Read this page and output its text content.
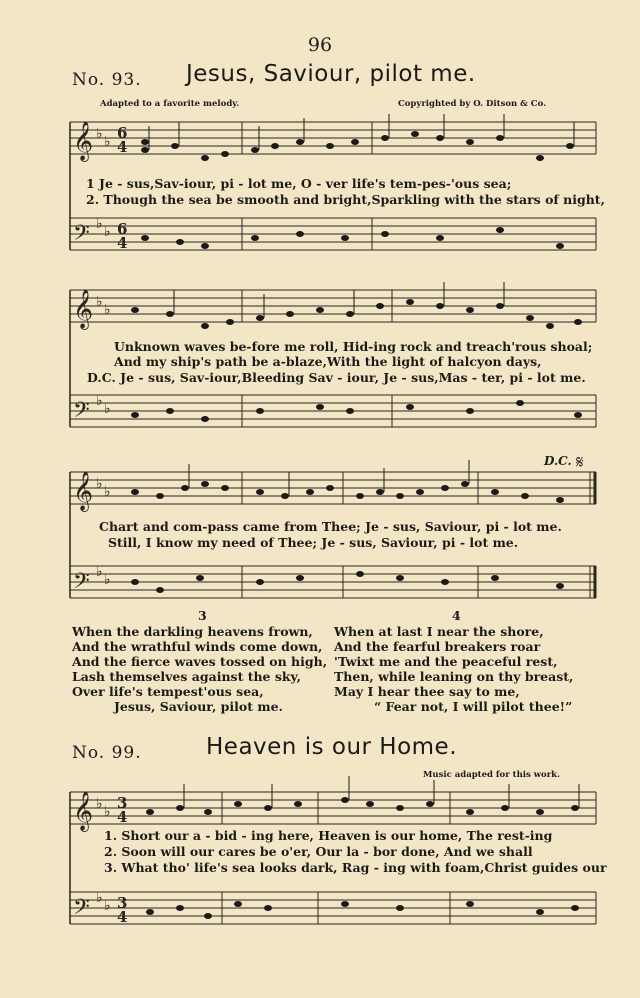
96
No. 93. Jesus, Saviour, pilot me.
Adapted to a favorite melody.	Copyrighted by O. Ditson & Co.
𝄞
𝄢
♭ ♭
♭ ♭
6
4
6
4
𝄞
𝄢
♭ ♭
♭ ♭
𝄞
𝄢
♭ ♭
♭ ♭
𝄋
𝄞
𝄢
♭ ♭
♭ ♭
3
4
3
4
1 Je - sus,Sav-iour, pi - lot me, O - ver life's tem-pes-'ous sea;
2. Though the sea be smooth and bright,Sparkling with the stars of night,
Unknown waves be-fore me roll, Hid-ing rock and treach'rous shoal;
And my ship's path be a-blaze,With the light of halcyon days,
D.C. Je - sus, Sav-iour,Bleeding Sav - iour, Je - sus,Mas - ter, pi - lot me.
D.C.
Chart and com-pass came from Thee; Je - sus, Saviour, pi - lot me.
Still, I know my need of Thee; Je - sus, Saviour, pi - lot me.
3
When the darkling heavens frown,
And the wrathful winds come down,
And the fierce waves tossed on high,
Lash themselves against the sky,
Over life's tempest'ous sea,
Jesus, Saviour, pilot me.
4
When at last I near the shore,
And the fearful breakers roar
'Twixt me and the peaceful rest,
Then, while leaning on thy breast,
May I hear thee say to me,
“ Fear not, I will pilot thee!”
No. 99.	Heaven is our Home.
Music adapted for this work.
1. Short our a - bid - ing here, Heaven is our home, The rest-ing
2. Soon will our cares be o'er, Our la - bor done, And we shall
3. What tho' life's sea looks dark, Rag - ing with foam,Christ guides our
